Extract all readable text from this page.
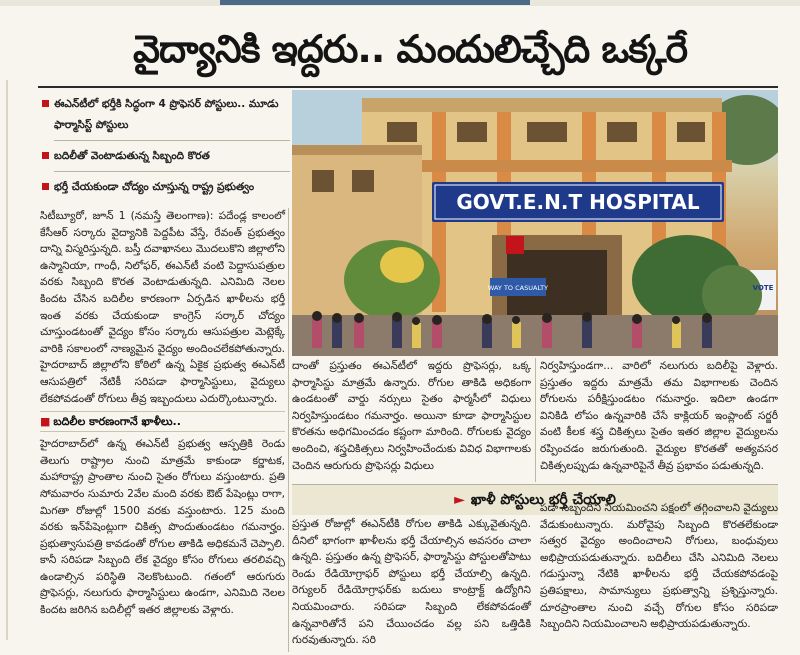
వైద్యానికి ఇద్దరు.. మందులిచ్చేది ఒక్కరే
ఈఎన్‌టీలో భర్తీకి సిద్ధంగా 4 ప్రొఫెసర్ పోస్టులు.. మూడు ఫార్మాసిస్ట్ పోస్టులు
బదిలీతో వెంటాడుతున్న సిబ్బంది కొరత
భర్తీ చేయకుండా చోద్యం చూస్తున్న రాష్ట్ర ప్రభుత్వం
GOVT.E.N.T HOSPITAL
WAY TO CASUALTY	VOTE

సిటీబ్యూరో, జూన్ 1 (నమస్తే తెలంగాణ): పదేండ్ల కాలంలో కేసీఆర్ సర్కారు వైద్యానికి పెద్దపీట వేస్తే, రేవంత్ ప్రభుత్వం దాన్ని విస్మరిస్తున్నది. బస్తీ దవాఖానలు మొదలుకొని జిల్లాలోని ఉస్మానియా, గాంధీ, నిలోఫర్, ఈఎన్‌టీ వంటి పెద్దాసుపత్రుల వరకు సిబ్బంది కొరత వెంటాడుతున్నది. ఎనిమిది నెలల కిందట చేసిన బదిలీల కారణంగా ఏర్పడిన ఖాళీలను భర్తీ ఇంత వరకు చేయకుండా కాంగ్రెస్ సర్కార్ చోద్యం చూస్తుండటంతో వైద్యం కోసం సర్కారు ఆసుపత్రుల మెట్లెక్కే వారికి సకాలంలో నాణ్యమైన వైద్యం అందించలేకపోతున్నారు. హైదరాబాద్ జిల్లాలోని కోఠిలో ఉన్న ఏకైక ప్రభుత్వ ఈఎన్‌టీ ఆసుపత్రిలో నేటికీ సరిపడా ఫార్మాసిస్టులు, వైద్యులు లేకపోవడంతో రోగులు తీవ్ర ఇబ్బందులు ఎదుర్కొంటున్నారు.

■ బదిలీల కారణంగానే ఖాళీలు..

హైదరాబాద్‌లో ఉన్న ఈఎన్‌టీ ప్రభుత్వ ఆస్పత్రికి రెండు తెలుగు రాష్ట్రాల నుంచి మాత్రమే కాకుండా కర్ణాటక, మహారాష్ట్ర ప్రాంతాల నుంచి సైతం రోగులు వస్తుంటారు. ప్రతి సోమవారం సుమారు 2వేల మంది వరకు ఔట్ పేషెంట్లు రాగా, మిగతా రోజుల్లో 1500 వరకు వస్తుంటారు. 125 మంది వరకు ఇన్‌పేషెంట్లుగా చికిత్స పొందుతుండటం గమనార్హం. ప్రభుత్వాసుపత్రి కావడంతో రోగుల తాకిడి అధికమనే చెప్పాలి. కానీ సరిపడా సిబ్బంది లేక వైద్యం కోసం రోగులు తరలివచ్చి ఉండాల్సిన పరిస్థితి నెలకొంటుంది. గతంలో ఆరుగురు ప్రొఫెసర్లు, నలుగురు ఫార్మాసిస్టులు ఉండగా, ఎనిమిది నెలల కిందట జరిగిన బదిలీల్లో ఇతర జిల్లాలకు వెళ్లారు.

దాంతో ప్రస్తుతం ఈఎన్‌టీలో ఇద్దరు ప్రొఫెసర్లు, ఒక్క ఫార్మాసిస్టు మాత్రమే ఉన్నారు. రోగుల తాకిడి అధికంగా ఉండటంతో వార్డు నర్సులు సైతం ఫార్మసీలో విధులు నిర్వహిస్తుండటం గమనార్హం. అయినా కూడా ఫార్మాసిస్టుల కొరతను అధిగమించడం కష్టంగా మారింది. రోగులకు వైద్యం అందించి, శస్త్రచికిత్సలు నిర్వహించేందుకు వివిధ విభాగాలకు చెందిన ఆరుగురు ప్రొఫెసర్లు విధులు

నిర్వహిస్తుండగా... వారిలో నలుగురు బదిలీపై వెళ్లారు. ప్రస్తుతం ఇద్దరు మాత్రమే తమ విభాగాలకు చెందిన రోగులను పరీక్షిస్తుండటం గమనార్హం. ఇదిలా ఉండగా వినికిడి లోపం ఉన్నవారికి చేసే కాక్లియర్ ఇంప్లాంట్ సర్జరీ వంటి కీలక శస్త్ర చికిత్సలు సైతం ఇతర జిల్లాల వైద్యులను రప్పించడం జరుగుతుంది. వైద్యుల కొరతతో అత్యవసర చికిత్సలప్పుడు ఉన్నవారిపైనే తీవ్ర ప్రభావం పడుతున్నది.

► ఖాళీ పోస్టులు భర్తీ చేయాలి

ప్రస్తుత రోజుల్లో ఈఎన్‌టీకి రోగుల తాకిడి ఎక్కువైతున్నది. దీనిలో భాగంగా ఖాళీలను భర్తీ చేయాల్సిన అవసరం చాలా ఉన్నది. ప్రస్తుతం ఉన్న ప్రొఫెసర్, ఫార్మాసిస్టు పోస్టులతోపాటు రెండు రేడియోగ్రాఫర్ పోస్టులు భర్తీ చేయాల్సి ఉన్నది. రెగ్యులర్ రేడియోగ్రాఫర్‌కు బదులు కాంట్రాక్ట్ ఉద్యోగిని నియమించారు. సరిపడా సిబ్బంది లేకపోవడంతో ఉన్నవారితోనే పని చేయించడం వల్ల పని ఒత్తిడికి గురవుతున్నారు. సరి

పడా సిబ్బందిని నియమించని పక్షంలో తగ్గించాలని వైద్యులు వేడుకుంటున్నారు. మరోవైపు సిబ్బంది కొరతలేకుండా సత్వర వైద్యం అందించాలని రోగులు, బంధువులు అభిప్రాయపడుతున్నారు. బదిలీలు చేసి ఎనిమిది నెలలు గడుస్తున్నా నేటికి ఖాళీలను భర్తీ చేయకపోవడంపై ప్రతిపక్షాలు, సామాన్యులు ప్రభుత్వాన్ని ప్రశ్నిస్తున్నారు. దూరప్రాంతాల నుంచి వచ్చే రోగుల కోసం సరిపడా సిబ్బందిని నియమించాలని అభిప్రాయపడుతున్నారు.
